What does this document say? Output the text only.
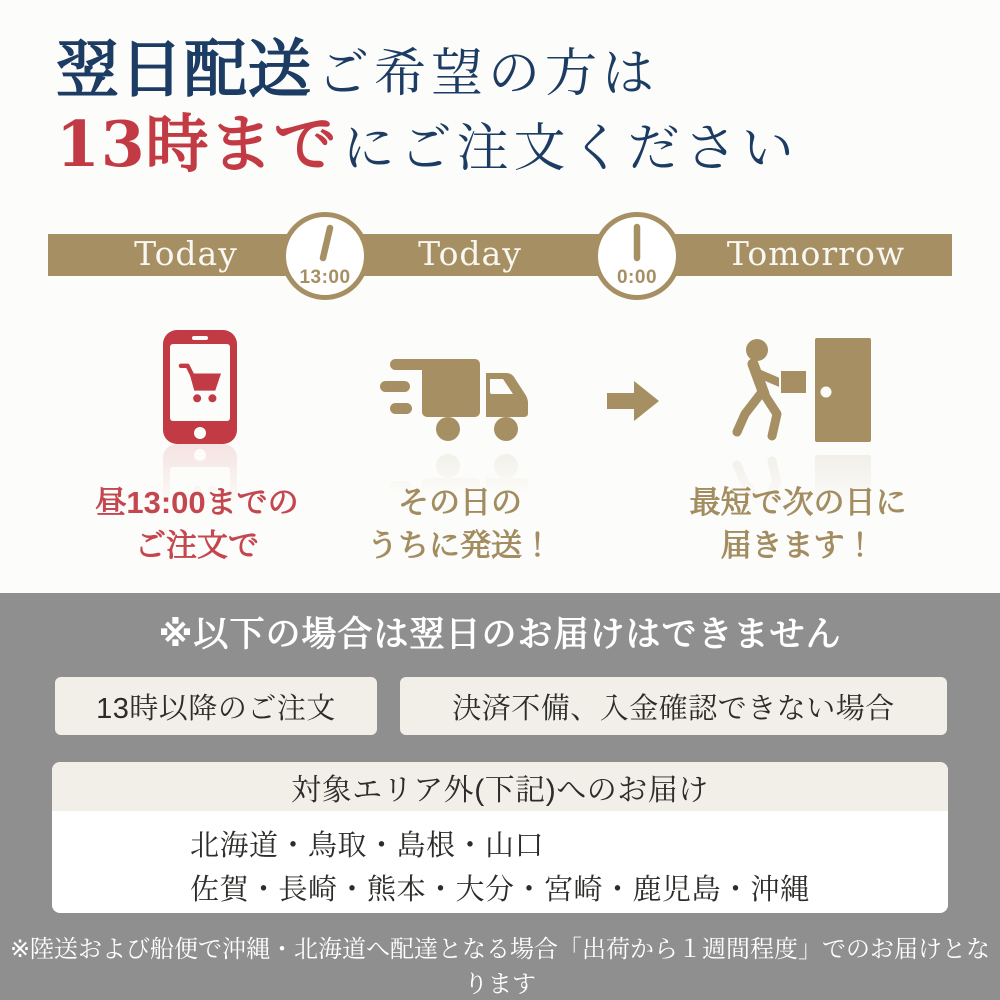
翌日配送ご希望の方は
13時までにご注文ください
Today	Today	Tomorrow
13:00	0:00
昼13:00までの
ご注文で
その日の
うちに発送！
最短で次の日に
届きます！
※以下の場合は翌日のお届けはできません
13時以降のご注文	決済不備、入金確認できない場合
対象エリア外(下記)へのお届け
北海道・鳥取・島根・山口
佐賀・長崎・熊本・大分・宮崎・鹿児島・沖縄
※陸送および船便で沖縄・北海道へ配達となる場合「出荷から１週間程度」でのお届けとなります
